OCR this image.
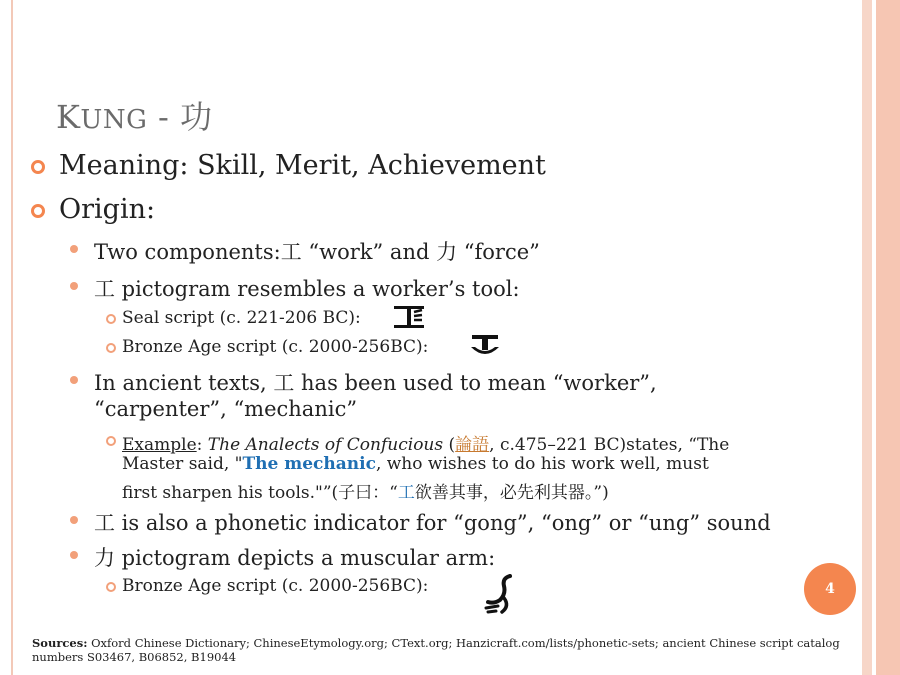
KUNG - 功
Meaning: Skill, Merit, Achievement
Origin:
Two components:工 “work” and 力 “force”
工 pictogram resembles a worker’s tool:
Seal script (c. 221-206 BC):
Bronze Age script (c. 2000-256BC):
In ancient texts, 工 has been used to mean “worker”,
“carpenter”, “mechanic”
Example: The Analects of Confucious (論語, c.475–221 BC)states, “The
Master said, "The mechanic, who wishes to do his work well, must
first sharpen his tools."”(子曰：“工欲善其事，必先利其器。”)
工 is also a phonetic indicator for “gong”, “ong” or “ung” sound
力 pictogram depicts a muscular arm:
Bronze Age script (c. 2000-256BC):	4
Sources: Oxford Chinese Dictionary; ChineseEtymology.org; CText.org; Hanzicraft.com/lists/phonetic-sets; ancient Chinese script catalog numbers S03467, B06852, B19044
